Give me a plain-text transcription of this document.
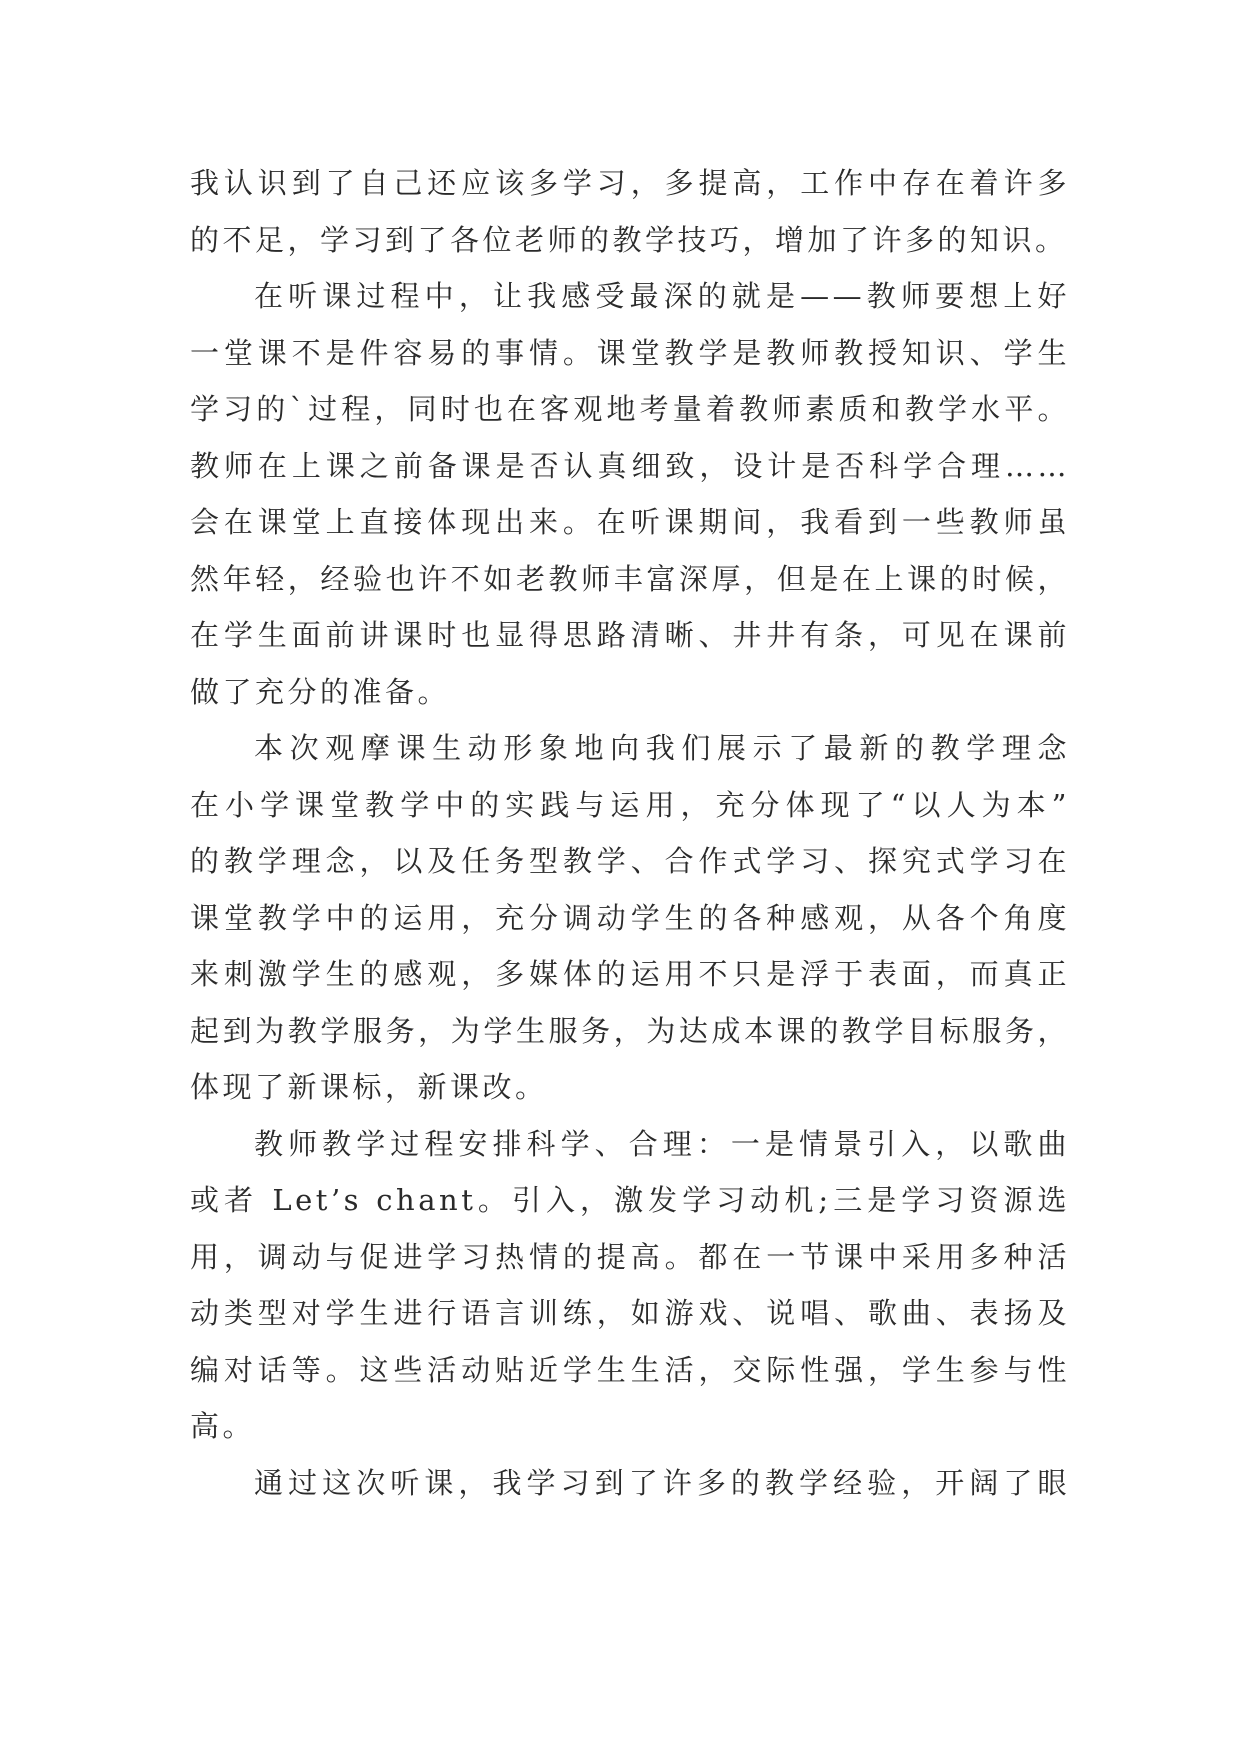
我认识到了自己还应该多学习，多提高，工作中存在着许多
的不足，学习到了各位老师的教学技巧，增加了许多的知识。
在听课过程中，让我感受最深的就是——教师要想上好
一堂课不是件容易的事情。课堂教学是教师教授知识、学生
学习的`过程，同时也在客观地考量着教师素质和教学水平。
教师在上课之前备课是否认真细致，设计是否科学合理……
会在课堂上直接体现出来。在听课期间，我看到一些教师虽
然年轻，经验也许不如老教师丰富深厚，但是在上课的时候，
在学生面前讲课时也显得思路清晰、井井有条，可见在课前
做了充分的准备。
本次观摩课生动形象地向我们展示了最新的教学理念
在小学课堂教学中的实践与运用，充分体现了“以人为本”
的教学理念，以及任务型教学、合作式学习、探究式学习在
课堂教学中的运用，充分调动学生的各种感观，从各个角度
来刺激学生的感观，多媒体的运用不只是浮于表面，而真正
起到为教学服务，为学生服务，为达成本课的教学目标服务，
体现了新课标，新课改。
教师教学过程安排科学、合理：一是情景引入，以歌曲
或者 Let’s chant。引入，激发学习动机;三是学习资源选
用，调动与促进学习热情的提高。都在一节课中采用多种活
动类型对学生进行语言训练，如游戏、说唱、歌曲、表扬及
编对话等。这些活动贴近学生生活，交际性强，学生参与性
高。
通过这次听课，我学习到了许多的教学经验，开阔了眼
